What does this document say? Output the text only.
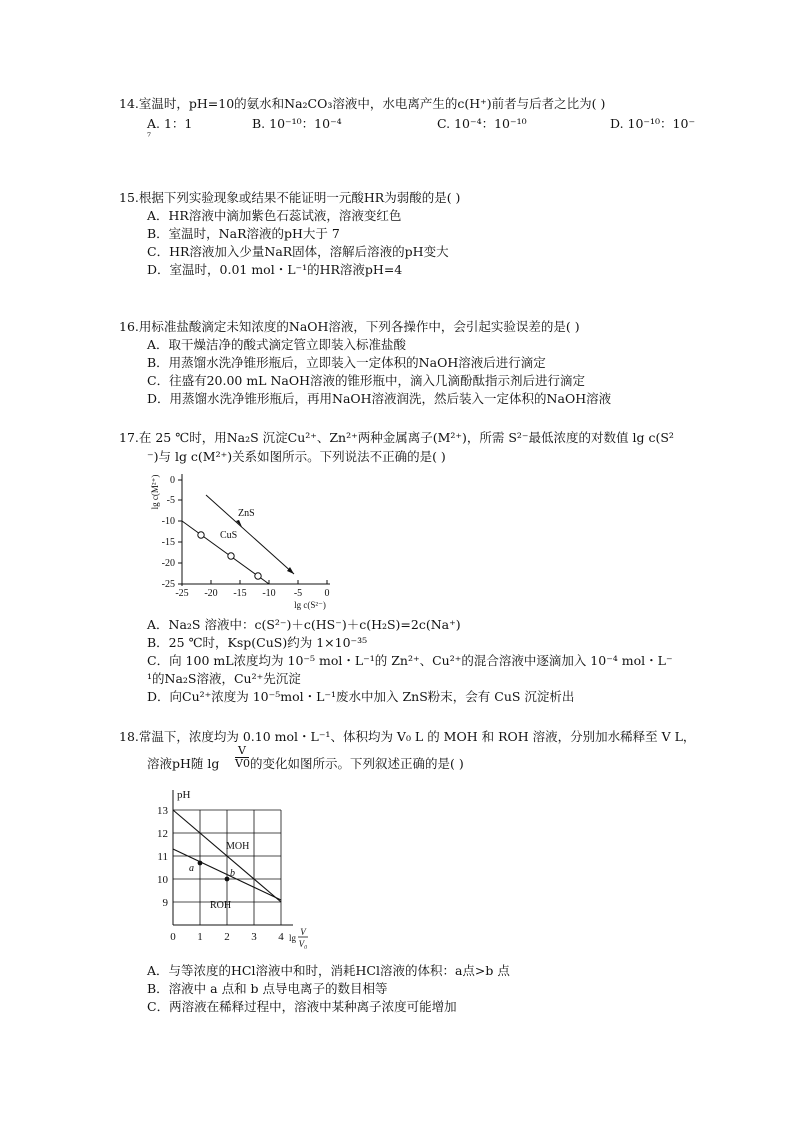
14.室温时，pH=10的氨水和Na₂CO₃溶液中，水电离产生的c(H⁺)前者与后者之比为( )
A. 1：1	B. 10⁻¹⁰：10⁻⁴	C. 10⁻⁴：10⁻¹⁰	D. 10⁻¹⁰：10⁻
⁷
15.根据下列实验现象或结果不能证明一元酸HR为弱酸的是( )
A．HR溶液中滴加紫色石蕊试液，溶液变红色
B．室温时，NaR溶液的pH大于 7
C．HR溶液加入少量NaR固体，溶解后溶液的pH变大
D．室温时，0.01 mol・L⁻¹的HR溶液pH=4
16.用标准盐酸滴定未知浓度的NaOH溶液，下列各操作中，会引起实验误差的是( )
A．取干燥洁净的酸式滴定管立即装入标准盐酸
B．用蒸馏水洗净锥形瓶后，立即装入一定体积的NaOH溶液后进行滴定
C．往盛有20.00 mL NaOH溶液的锥形瓶中，滴入几滴酚酞指示剂后进行滴定
D．用蒸馏水洗净锥形瓶后，再用NaOH溶液润洗，然后装入一定体积的NaOH溶液
17.在 25 ℃时，用Na₂S 沉淀Cu²⁺、Zn²⁺两种金属离子(M²⁺)，所需 S²⁻最低浓度的对数值 lg c(S²
⁻)与 lg c(M²⁺)关系如图所示。下列说法不正确的是( )
0
-5
-10
-15
-20
-25
lg c(M²⁺)
-25 -20 -15 -10 -5 0
lg c(S²⁻)
ZnS
CuS
A．Na₂S 溶液中：c(S²⁻)＋c(HS⁻)＋c(H₂S)=2c(Na⁺)
B．25 ℃时，Ksp(CuS)约为 1×10⁻³⁵
C．向 100 mL浓度均为 10⁻⁵ mol・L⁻¹的 Zn²⁺、Cu²⁺的混合溶液中逐滴加入 10⁻⁴ mol・L⁻
¹的Na₂S溶液，Cu²⁺先沉淀
D．向Cu²⁺浓度为 10⁻⁵mol・L⁻¹废水中加入 ZnS粉末，会有 CuS 沉淀析出
18.常温下，浓度均为 0.10 mol・L⁻¹、体积均为 V₀ L 的 MOH 和 ROH 溶液，分别加水稀释至 V L，
溶液pH随 $\lg \frac{V}{V0}$ 的变化如图所示。下列叙述正确的是( )
pH
13
12
11
10
9
0 1 2 3 4 lg
V
V₀
MOH
ROH
a	b
A．与等浓度的HCl溶液中和时，消耗HCl溶液的体积：a点>b 点
B．溶液中 a 点和 b 点导电离子的数目相等
C．两溶液在稀释过程中，溶液中某种离子浓度可能增加
